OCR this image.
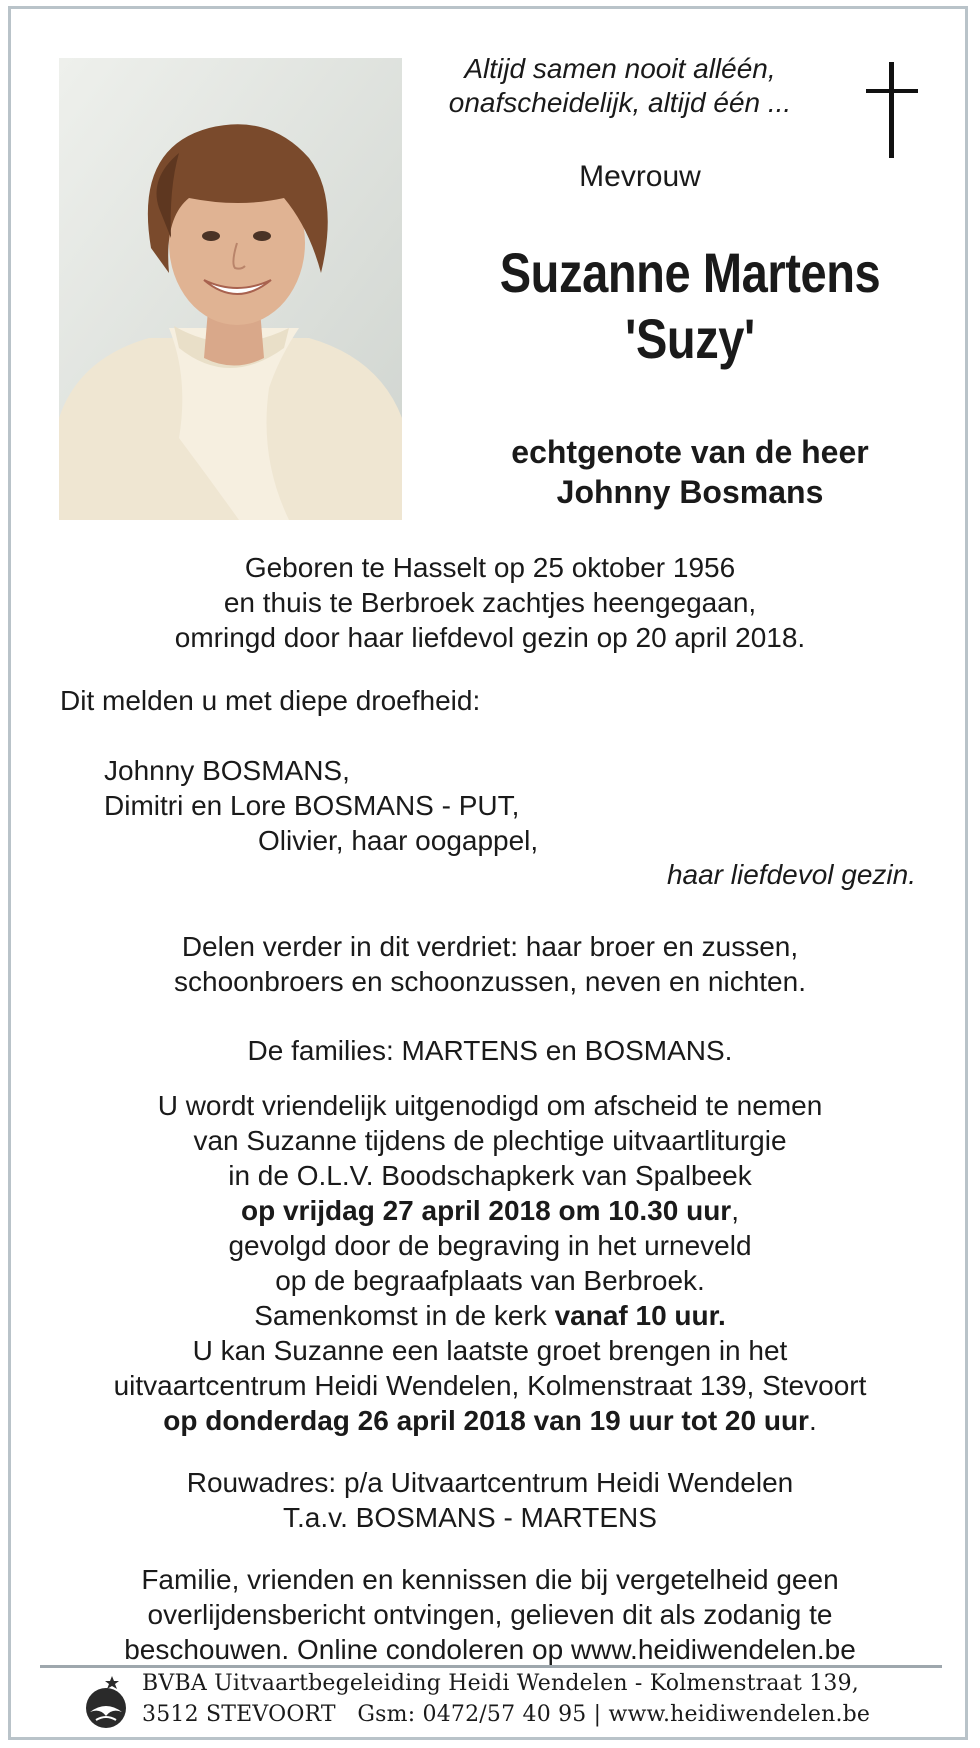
Altijd samen nooit alléén,
onafscheidelijk, altijd één ...
Mevrouw
Suzanne Martens
'Suzy'
echtgenote van de heer
Johnny Bosmans
Geboren te Hasselt op 25 oktober 1956
en thuis te Berbroek zachtjes heengegaan,
omringd door haar liefdevol gezin op 20 april 2018.
Dit melden u met diepe droefheid:
Johnny BOSMANS,
Dimitri en Lore BOSMANS - PUT,
Olivier, haar oogappel,
haar liefdevol gezin.
Delen verder in dit verdriet: haar broer en zussen,
schoonbroers en schoonzussen, neven en nichten.
De families: MARTENS en BOSMANS.
U wordt vriendelijk uitgenodigd om afscheid te nemen
van Suzanne tijdens de plechtige uitvaartliturgie
in de O.L.V. Boodschapkerk van Spalbeek
op vrijdag 27 april 2018 om 10.30 uur,
gevolgd door de begraving in het urneveld
op de begraafplaats van Berbroek.
Samenkomst in de kerk vanaf 10 uur.
U kan Suzanne een laatste groet brengen in het
uitvaartcentrum Heidi Wendelen, Kolmenstraat 139, Stevoort
op donderdag 26 april 2018 van 19 uur tot 20 uur.
Rouwadres: p/a Uitvaartcentrum Heidi Wendelen
T.a.v. BOSMANS - MARTENS
Familie, vrienden en kennissen die bij vergetelheid geen
overlijdensbericht ontvingen, gelieven dit als zodanig te
beschouwen. Online condoleren op www.heidiwendelen.be
BVBA Uitvaartbegeleiding Heidi Wendelen - Kolmenstraat 139,
3512 STEVOORT   Gsm: 0472/57 40 95 | www.heidiwendelen.be
